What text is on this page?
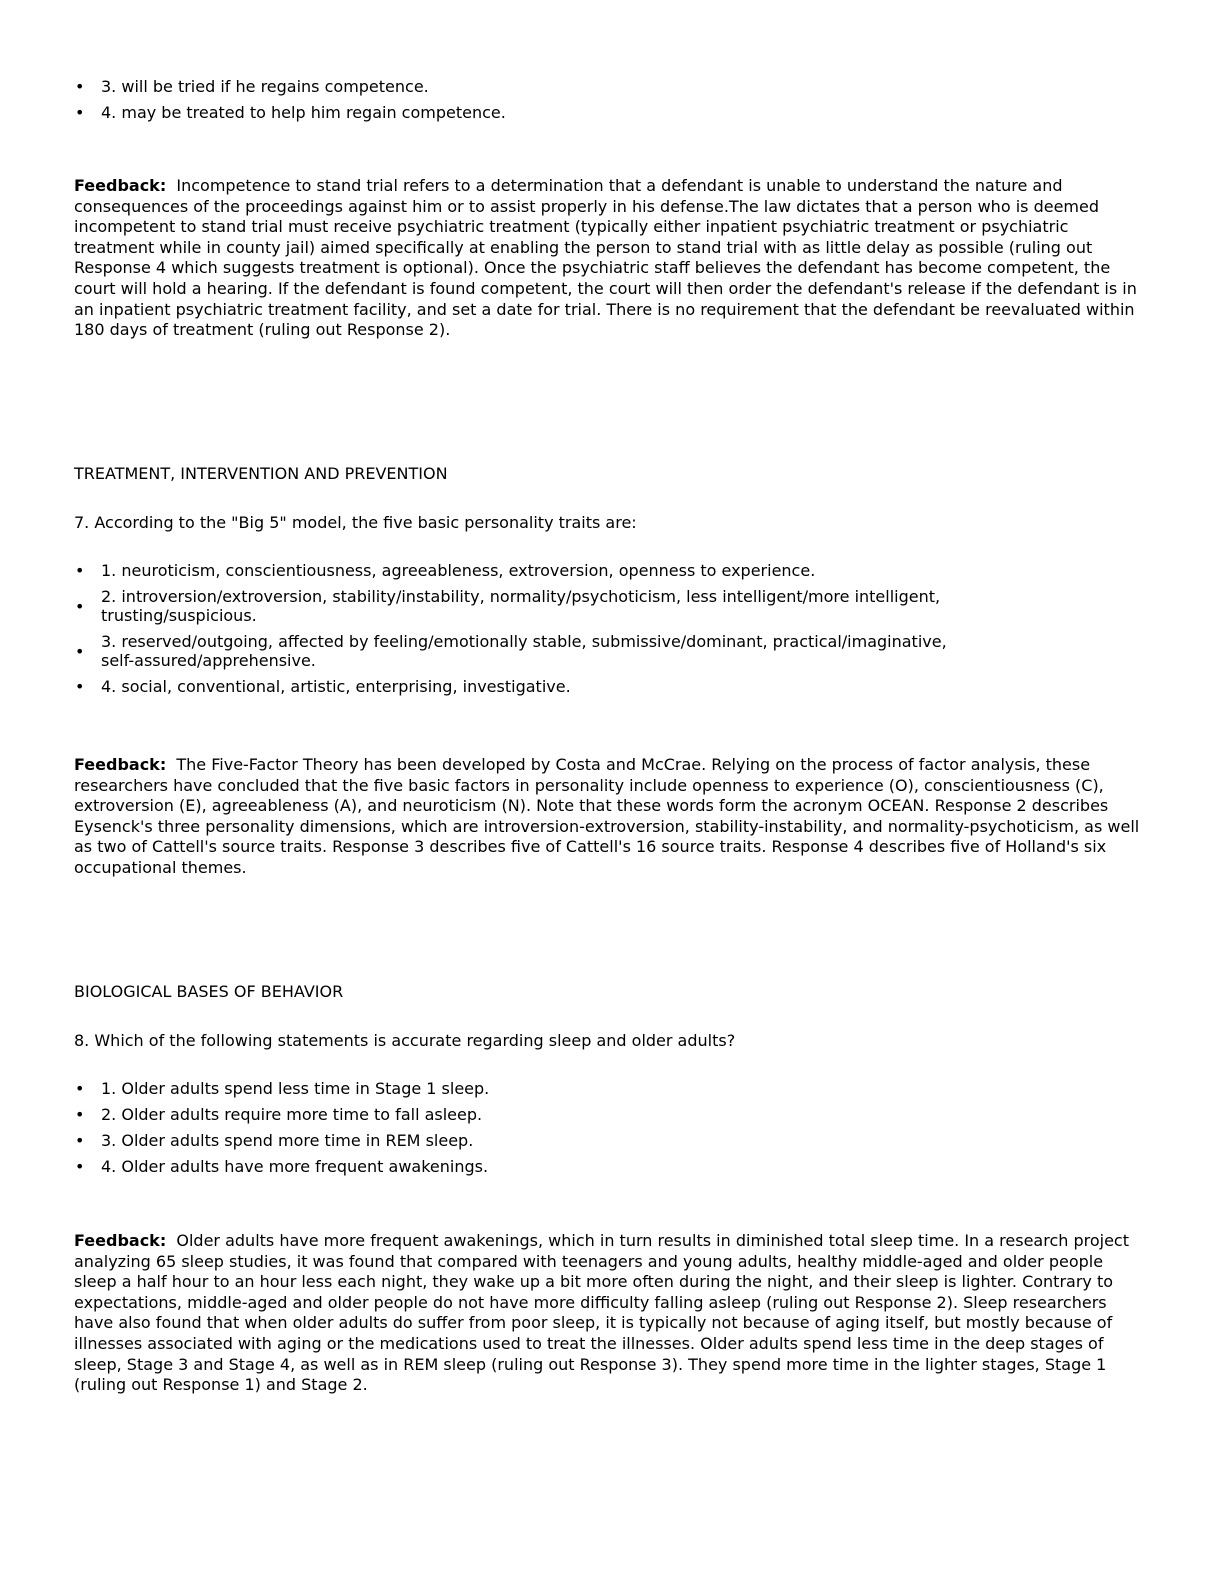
• 3. will be tried if he regains competence.
• 4. may be treated to help him regain competence.

Feedback: Incompetence to stand trial refers to a determination that a defendant is unable to understand the nature and consequences of the proceedings against him or to assist properly in his defense.The law dictates that a person who is deemed incompetent to stand trial must receive psychiatric treatment (typically either inpatient psychiatric treatment or psychiatric treatment while in county jail) aimed specifically at enabling the person to stand trial with as little delay as possible (ruling out Response 4 which suggests treatment is optional). Once the psychiatric staff believes the defendant has become competent, the court will hold a hearing. If the defendant is found competent, the court will then order the defendant's release if the defendant is in an inpatient psychiatric treatment facility, and set a date for trial. There is no requirement that the defendant be reevaluated within 180 days of treatment (ruling out Response 2).

TREATMENT, INTERVENTION AND PREVENTION

7. According to the "Big 5" model, the five basic personality traits are:

• 1. neuroticism, conscientiousness, agreeableness, extroversion, openness to experience.
•
2. introversion/extroversion, stability/instability, normality/psychoticism, less intelligent/more intelligent, trusting/suspicious.
•
3. reserved/outgoing, affected by feeling/emotionally stable, submissive/dominant, practical/imaginative, self-assured/apprehensive.
• 4. social, conventional, artistic, enterprising, investigative.

Feedback: The Five-Factor Theory has been developed by Costa and McCrae. Relying on the process of factor analysis, these researchers have concluded that the five basic factors in personality include openness to experience (O), conscientiousness (C), extroversion (E), agreeableness (A), and neuroticism (N). Note that these words form the acronym OCEAN. Response 2 describes Eysenck's three personality dimensions, which are introversion-extroversion, stability-instability, and normality-psychoticism, as well as two of Cattell's source traits. Response 3 describes five of Cattell's 16 source traits. Response 4 describes five of Holland's six occupational themes.

BIOLOGICAL BASES OF BEHAVIOR

8. Which of the following statements is accurate regarding sleep and older adults?

• 1. Older adults spend less time in Stage 1 sleep.
• 2. Older adults require more time to fall asleep.
• 3. Older adults spend more time in REM sleep.
• 4. Older adults have more frequent awakenings.

Feedback: Older adults have more frequent awakenings, which in turn results in diminished total sleep time. In a research project analyzing 65 sleep studies, it was found that compared with teenagers and young adults, healthy middle-aged and older people sleep a half hour to an hour less each night, they wake up a bit more often during the night, and their sleep is lighter. Contrary to expectations, middle-aged and older people do not have more difficulty falling asleep (ruling out Response 2). Sleep researchers have also found that when older adults do suffer from poor sleep, it is typically not because of aging itself, but mostly because of illnesses associated with aging or the medications used to treat the illnesses. Older adults spend less time in the deep stages of sleep, Stage 3 and Stage 4, as well as in REM sleep (ruling out Response 3). They spend more time in the lighter stages, Stage 1 (ruling out Response 1) and Stage 2.
